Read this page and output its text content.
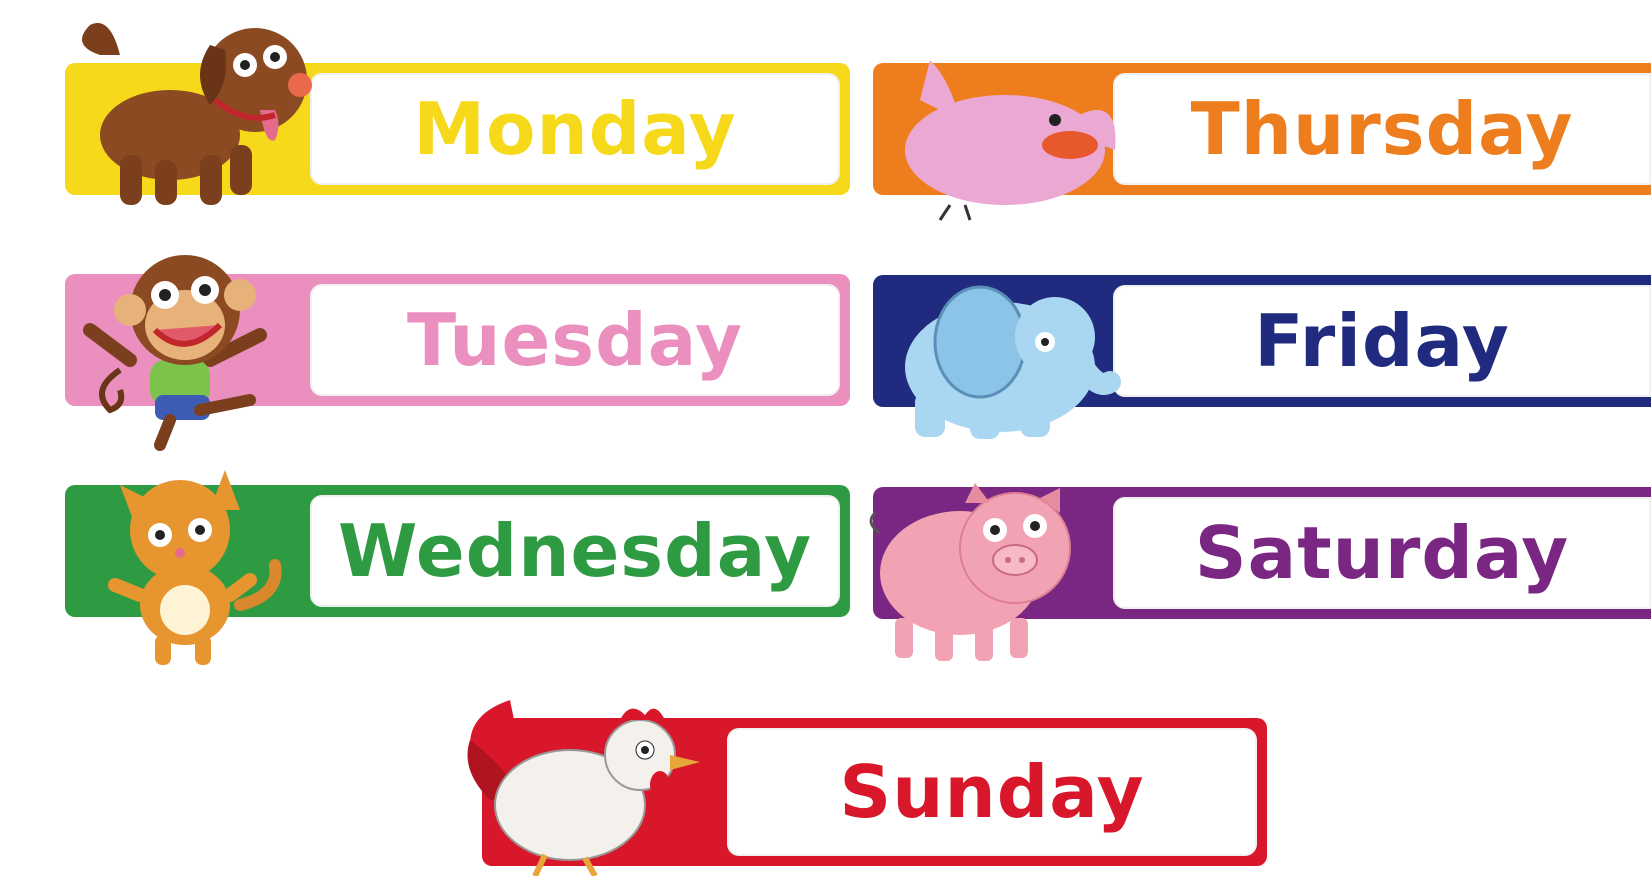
Monday
Tuesday
Wednesday
Thursday
Friday
Saturday
Sunday
